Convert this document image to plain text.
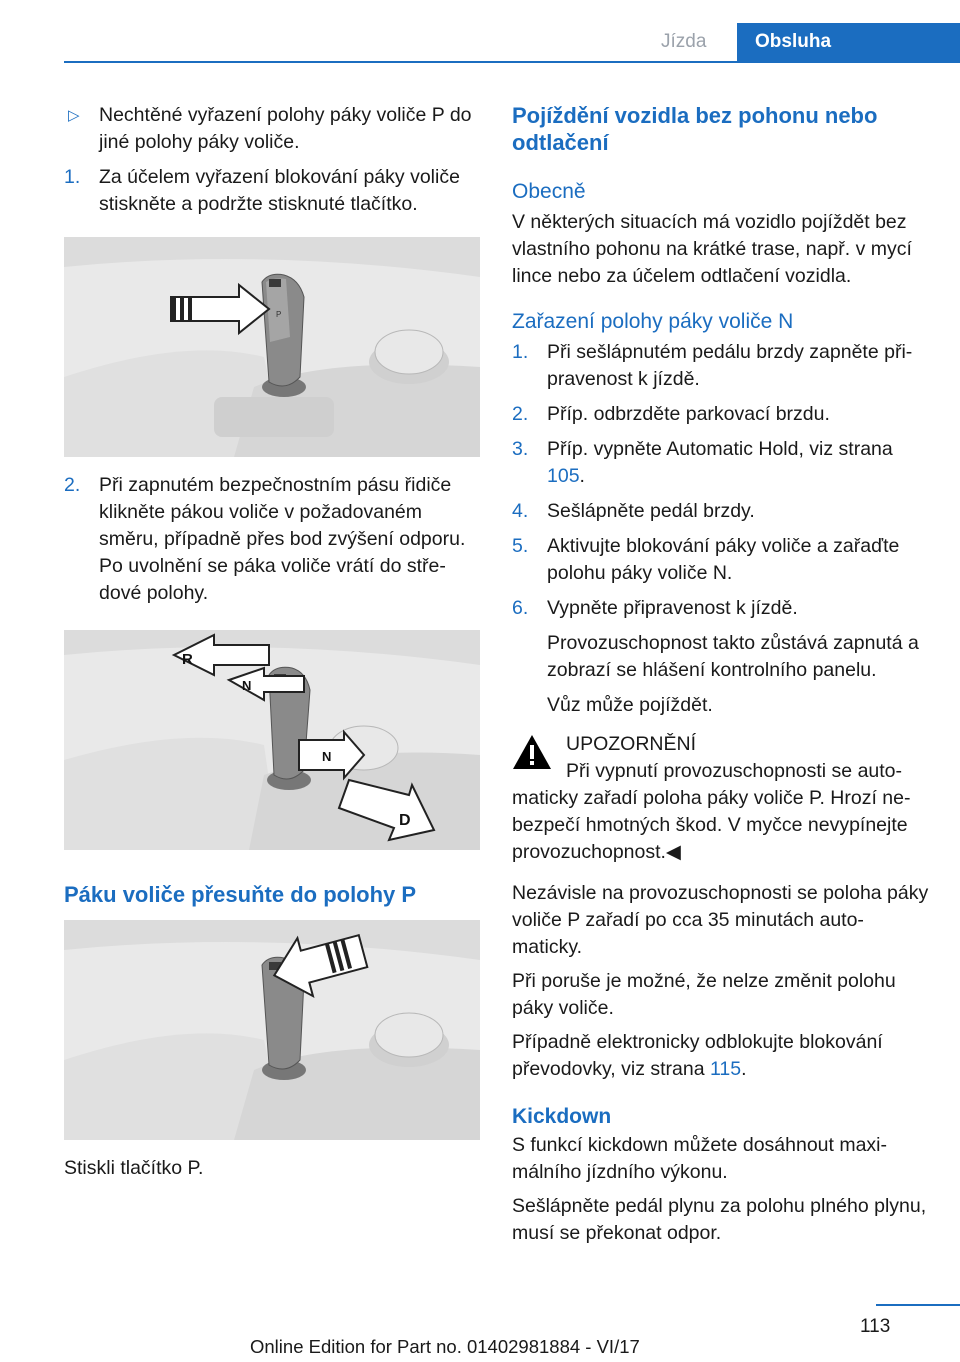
Jízda	Obsluha
▷ Nechtěné vyřazení polohy páky voliče P do jiné polohy páky voliče.
1. Za účelem vyřazení blokování páky voliče stiskněte a podržte stisknuté tlačítko.
P
2. Při zapnutém bezpečnostním pásu řidiče klikněte pákou voliče v požadovaném směru, případně přes bod zvýšení odporu. Po uvolnění se páka voliče vrátí do stře-dové polohy.
R
N
N
D
Páku voliče přesuňte do polohy P
Stiskli tlačítko P.
Pojíždění vozidla bez pohonu nebo odtlačení
Obecně
V některých situacích má vozidlo pojíždět bez vlastního pohonu na krátké trase, např. v mycí lince nebo za účelem odtlačení vozidla.
Zařazení polohy páky voliče N
1. Při sešlápnutém pedálu brzdy zapněte při-pravenost k jízdě.
2. Příp. odbrzděte parkovací brzdu.
3. Příp. vypněte Automatic Hold, viz strana 105.
4. Sešlápněte pedál brzdy.
5. Aktivujte blokování páky voliče a zařaďte polohu páky voliče N.
6. Vypněte připravenost k jízdě.
Provozuschopnost takto zůstává zapnutá a zobrazí se hlášení kontrolního panelu.
Vůz může pojíždět.
UPOZORNĚNÍ
Při vypnutí provozuschopnosti se auto-
maticky zařadí poloha páky voliče P. Hrozí ne-bezpečí hmotných škod. V myčce nevypínejte provozuchopnost.◀
Nezávisle na provozuschopnosti se poloha páky voliče P zařadí po cca 35 minutách auto-maticky.
Při poruše je možné, že nelze změnit polohu páky voliče.
Případně elektronicky odblokujte blokování převodovky, viz strana 115.
Kickdown
S funkcí kickdown můžete dosáhnout maxi-málního jízdního výkonu.
Sešlápněte pedál plynu za polohu plného plynu, musí se překonat odpor.
113
Online Edition for Part no. 01402981884 - VI/17
